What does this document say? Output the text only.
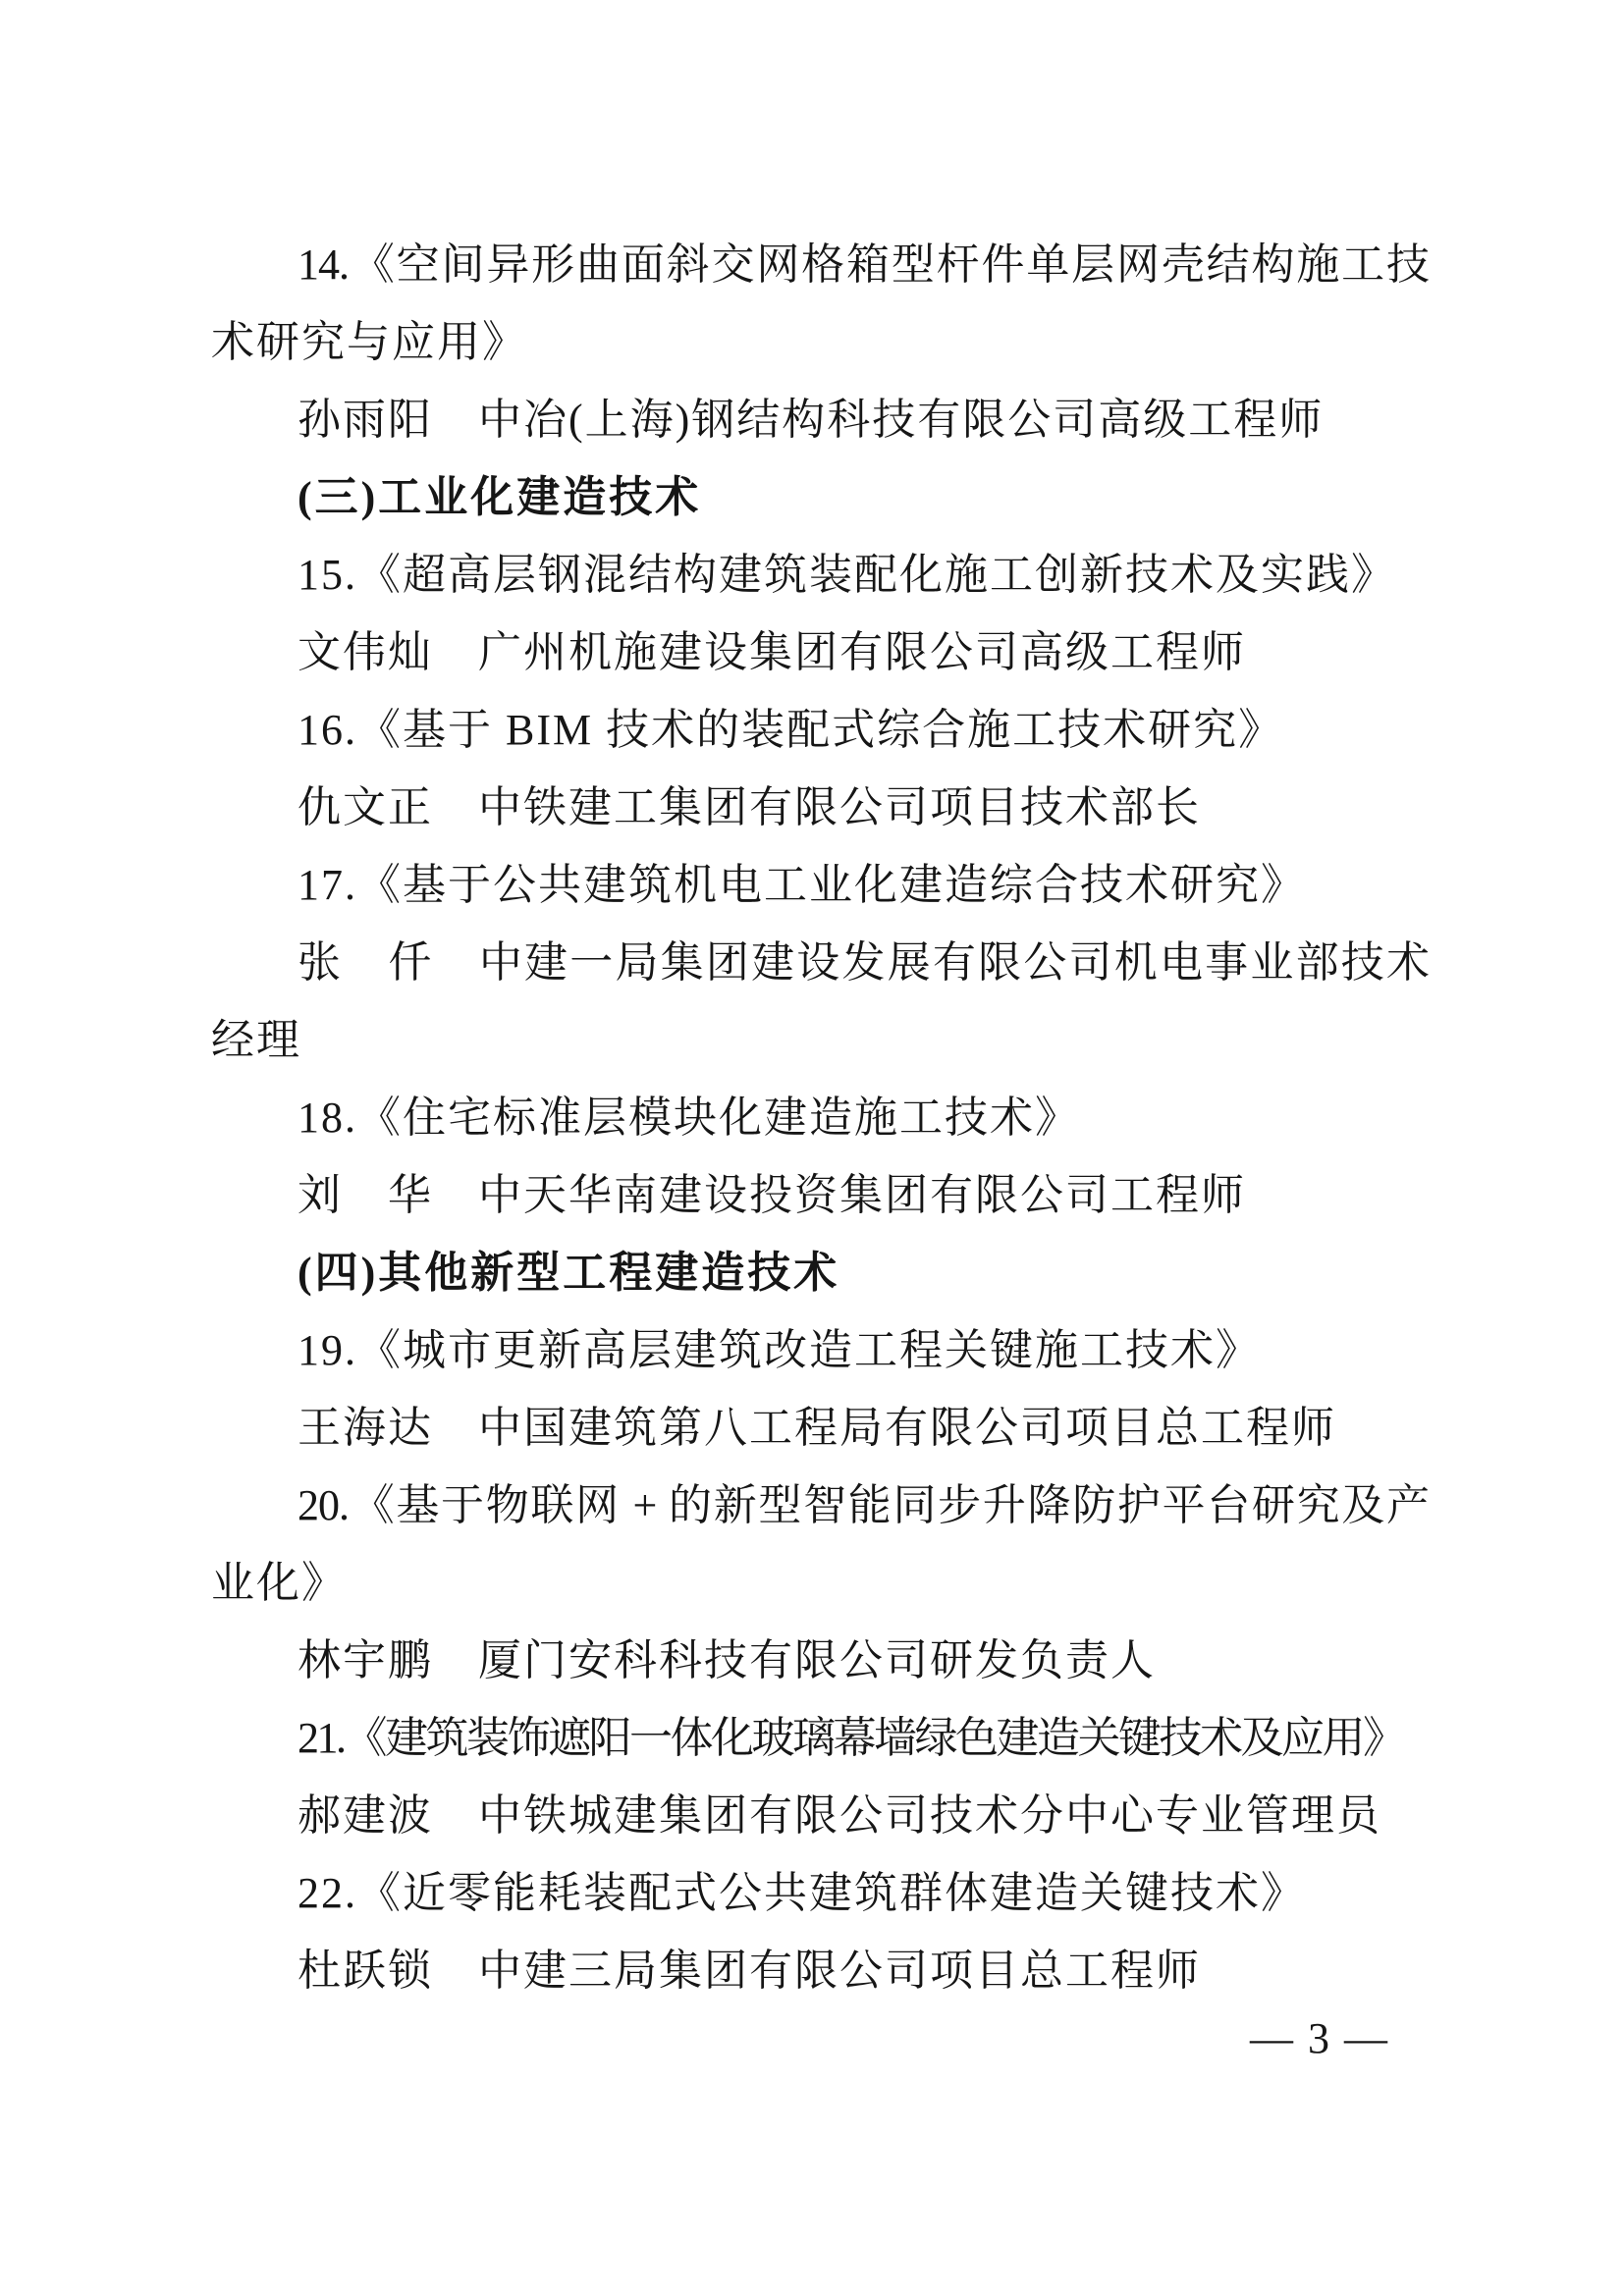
14.《空间异形曲面斜交网格箱型杆件单层网壳结构施工技
术研究与应用》
孙雨阳　中冶(上海)钢结构科技有限公司高级工程师
(三)工业化建造技术
15.《超高层钢混结构建筑装配化施工创新技术及实践》
文伟灿　广州机施建设集团有限公司高级工程师
16.《基于 BIM 技术的装配式综合施工技术研究》
仇文正　中铁建工集团有限公司项目技术部长
17.《基于公共建筑机电工业化建造综合技术研究》
张　仟　中建一局集团建设发展有限公司机电事业部技术
经理
18.《住宅标准层模块化建造施工技术》
刘　华　中天华南建设投资集团有限公司工程师
(四)其他新型工程建造技术
19.《城市更新高层建筑改造工程关键施工技术》
王海达　中国建筑第八工程局有限公司项目总工程师
20.《基于物联网 + 的新型智能同步升降防护平台研究及产
业化》
林宇鹏　厦门安科科技有限公司研发负责人
21.《建筑装饰遮阳一体化玻璃幕墙绿色建造关键技术及应用》
郝建波　中铁城建集团有限公司技术分中心专业管理员
22.《近零能耗装配式公共建筑群体建造关键技术》
杜跃锁　中建三局集团有限公司项目总工程师
— 3 —
